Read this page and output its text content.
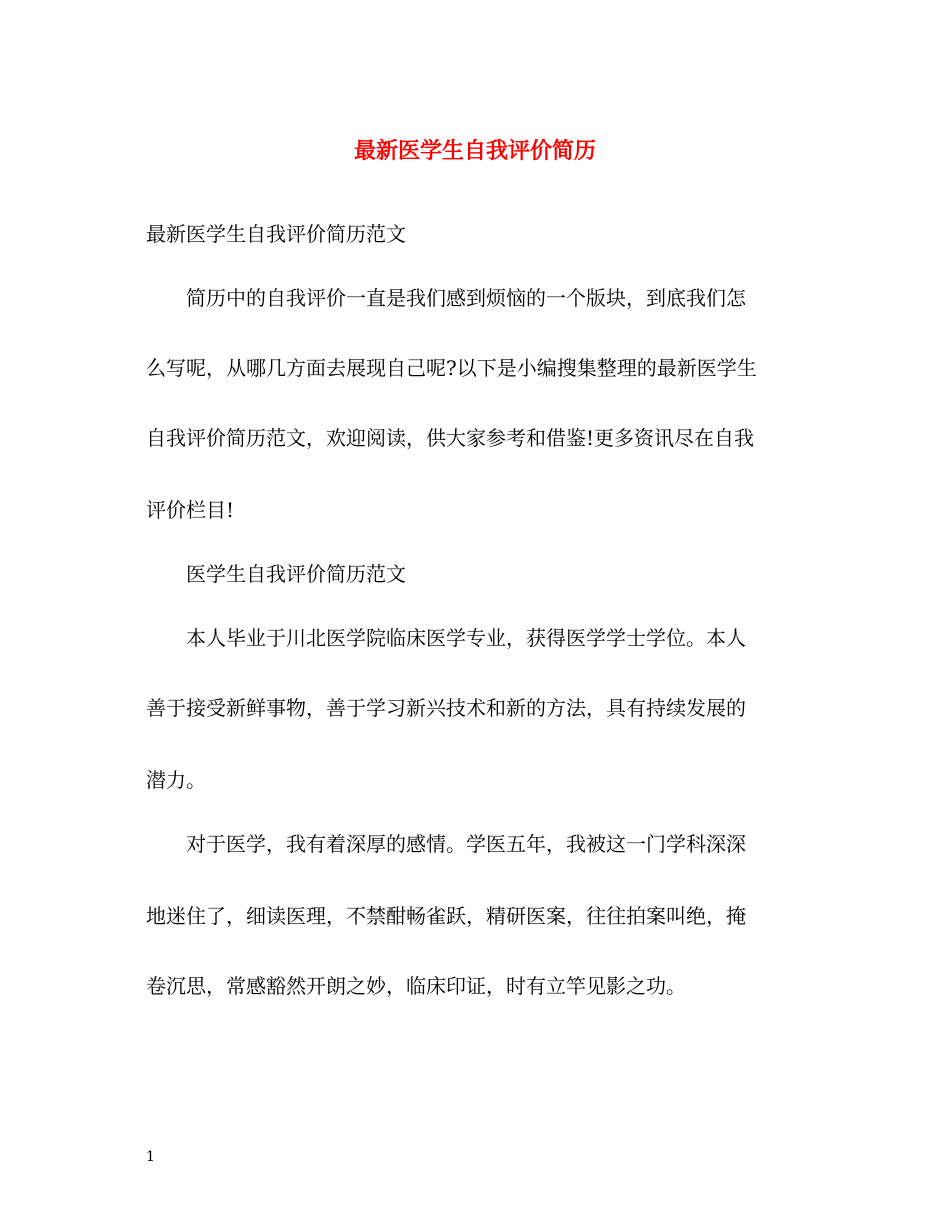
最新医学生自我评价简历

最新医学生自我评价简历范文

简历中的自我评价一直是我们感到烦恼的一个版块，到底我们怎

么写呢，从哪几方面去展现自己呢?以下是小编搜集整理的最新医学生

自我评价简历范文，欢迎阅读，供大家参考和借鉴!更多资讯尽在自我

评价栏目!

医学生自我评价简历范文

本人毕业于川北医学院临床医学专业，获得医学学士学位。本人

善于接受新鲜事物，善于学习新兴技术和新的方法，具有持续发展的

潜力。

对于医学，我有着深厚的感情。学医五年，我被这一门学科深深

地迷住了，细读医理，不禁酣畅雀跃，精研医案，往往拍案叫绝，掩

卷沉思，常感豁然开朗之妙，临床印证，时有立竿见影之功。

1
